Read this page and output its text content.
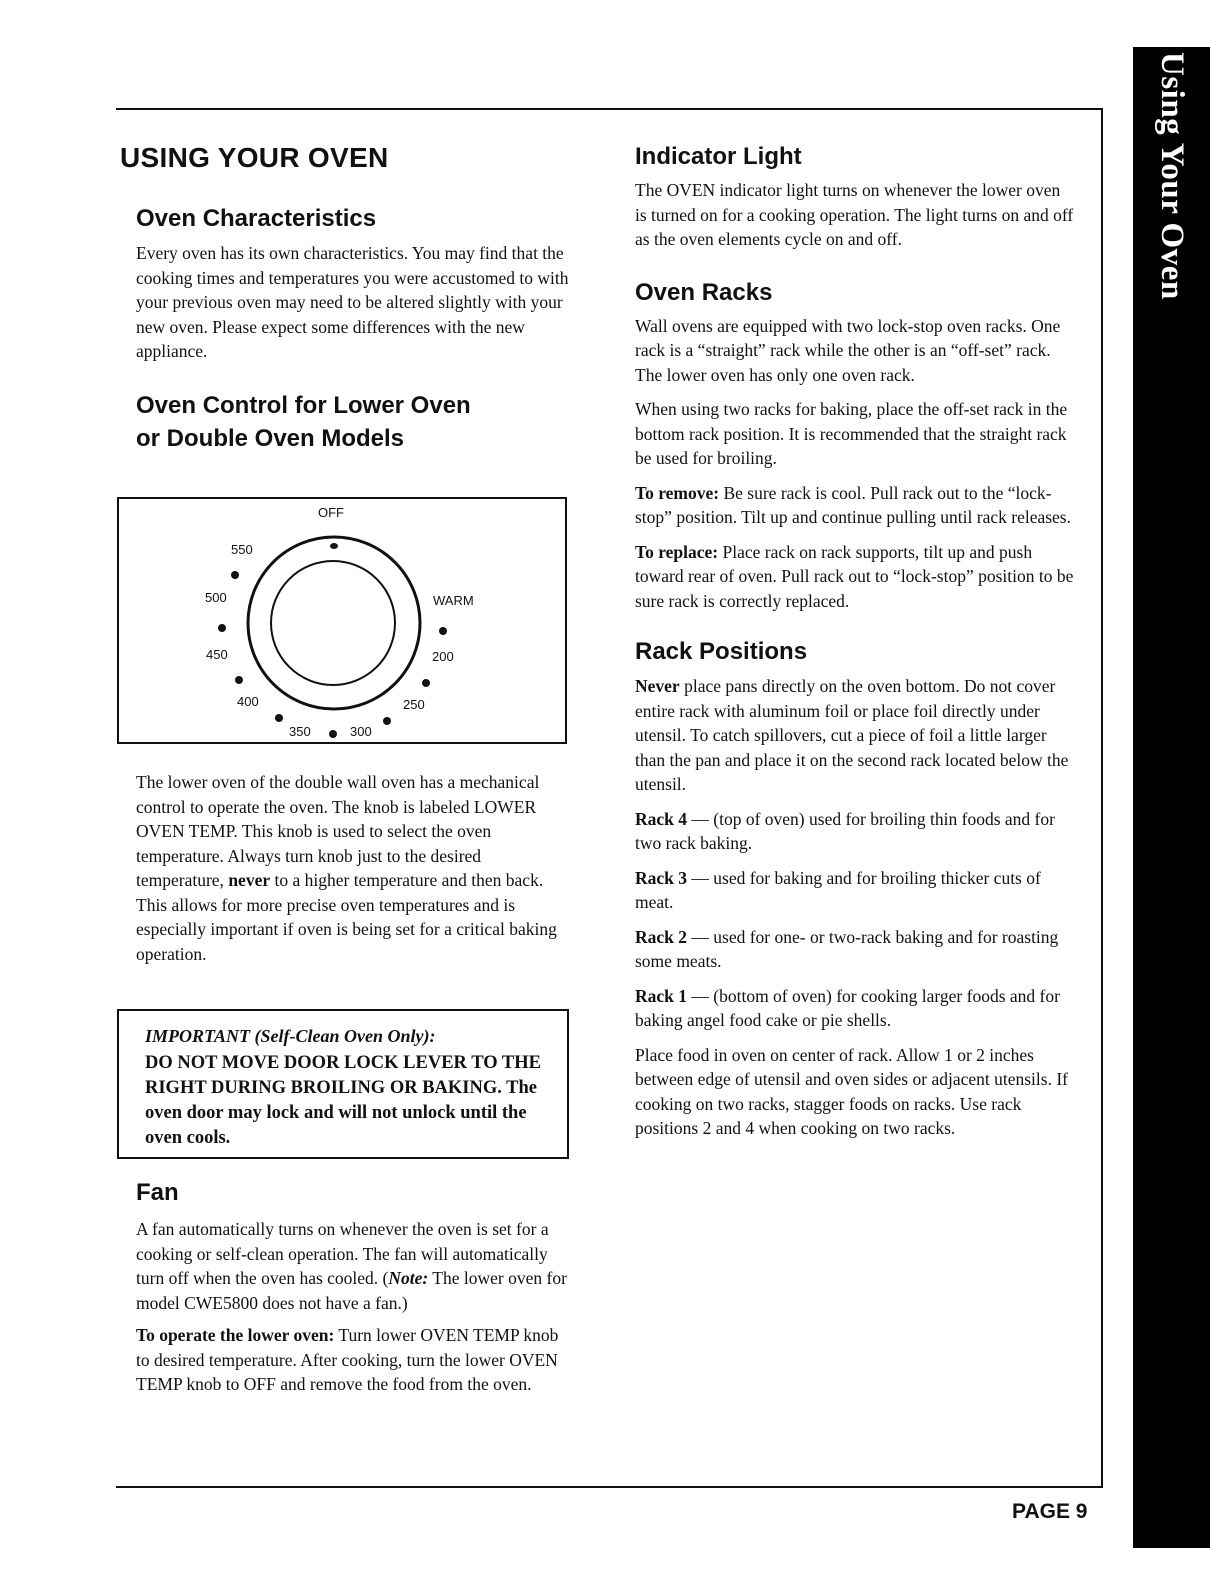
Using Your Oven
USING YOUR OVEN
Oven Characteristics

Every oven has its own characteristics. You may find that the cooking times and temperatures you were accustomed to with your previous oven may need to be altered slightly with your new oven. Please expect some differences with the new appliance.

Oven Control for Lower Oven
or Double Oven Models
OFF
550
500
450
400
350	300
250
200
WARM

The lower oven of the double wall oven has a mechanical control to operate the oven. The knob is labeled LOWER OVEN TEMP. This knob is used to select the oven temperature. Always turn knob just to the desired temperature, never to a higher temperature and then back. This allows for more precise oven temperatures and is especially important if oven is being set for a critical baking operation.

IMPORTANT (Self-Clean Oven Only):

DO NOT MOVE DOOR LOCK LEVER TO THE RIGHT DURING BROILING OR BAKING. The oven door may lock and will not unlock until the oven cools.

Fan

A fan automatically turns on whenever the oven is set for a cooking or self-clean operation. The fan will automatically turn off when the oven has cooled. (Note: The lower oven for model CWE5800 does not have a fan.)

To operate the lower oven: Turn lower OVEN TEMP knob to desired temperature. After cooking, turn the lower OVEN TEMP knob to OFF and remove the food from the oven.

Indicator Light

The OVEN indicator light turns on whenever the lower oven is turned on for a cooking operation. The light turns on and off as the oven elements cycle on and off.

Oven Racks

Wall ovens are equipped with two lock-stop oven racks. One rack is a “straight” rack while the other is an “off-set” rack. The lower oven has only one oven rack.

When using two racks for baking, place the off-set rack in the bottom rack position. It is recommended that the straight rack be used for broiling.

To remove: Be sure rack is cool. Pull rack out to the “lock-stop” position. Tilt up and continue pulling until rack releases.

To replace: Place rack on rack supports, tilt up and push toward rear of oven. Pull rack out to “lock-stop” position to be sure rack is correctly replaced.

Rack Positions

Never place pans directly on the oven bottom. Do not cover entire rack with aluminum foil or place foil directly under utensil. To catch spillovers, cut a piece of foil a little larger than the pan and place it on the second rack located below the utensil.

Rack 4 — (top of oven) used for broiling thin foods and for two rack baking.

Rack 3 — used for baking and for broiling thicker cuts of meat.

Rack 2 — used for one- or two-rack baking and for roasting some meats.

Rack 1 — (bottom of oven) for cooking larger foods and for baking angel food cake or pie shells.

Place food in oven on center of rack. Allow 1 or 2 inches between edge of utensil and oven sides or adjacent utensils. If cooking on two racks, stagger foods on racks. Use rack positions 2 and 4 when cooking on two racks.

PAGE 9
